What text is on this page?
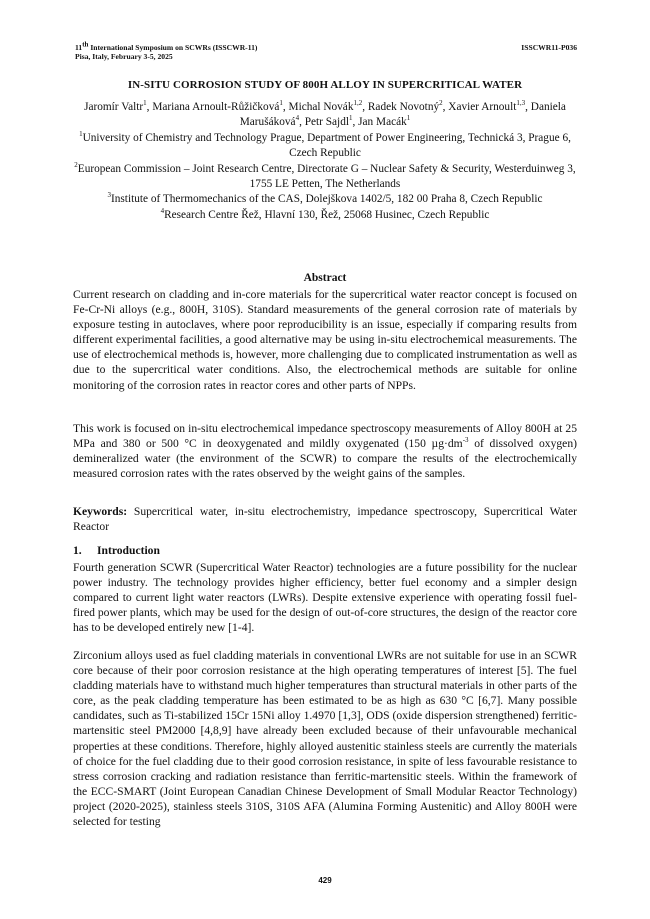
11th International Symposium on SCWRs (ISSCWR-11)
Pisa, Italy, February 3-5, 2025
ISSCWR11-P036
IN-SITU CORROSION STUDY OF 800H ALLOY IN SUPERCRITICAL WATER
Jaromír Valtr$^1$, Mariana Arnoult-Růžičková$^1$, Michal Novák$^{1,2}$, Radek Novotný$^2$, Xavier Arnoult$^{1,3}$, Daniela Marušáková$^4$, Petr Sajdl$^1$, Jan Macák$^1$
$^1$University of Chemistry and Technology Prague, Department of Power Engineering, Technická 3, Prague 6, Czech Republic
$^2$European Commission – Joint Research Centre, Directorate G – Nuclear Safety & Security, Westerduinweg 3, 1755 LE Petten, The Netherlands
$^3$Institute of Thermomechanics of the CAS, Dolejškova 1402/5, 182 00 Praha 8, Czech Republic
$^4$Research Centre Řež, Hlavní 130, Řež, 25068 Husinec, Czech Republic
Abstract

Current research on cladding and in-core materials for the supercritical water reactor concept is focused on Fe-Cr-Ni alloys (e.g., 800H, 310S). Standard measurements of the general corrosion rate of materials by exposure testing in autoclaves, where poor reproducibility is an issue, especially if comparing results from different experimental facilities, a good alternative may be using in-situ electrochemical measurements. The use of electrochemical methods is, however, more challenging due to complicated instrumentation as well as due to the supercritical water conditions. Also, the electrochemical methods are suitable for online monitoring of the corrosion rates in reactor cores and other parts of NPPs.

This work is focused on in-situ electrochemical impedance spectroscopy measurements of Alloy 800H at 25 MPa and 380 or 500 °C in deoxygenated and mildly oxygenated (150 $\mu g\cdot dm^{-3}$ of dissolved oxygen) demineralized water (the environment of the SCWR) to compare the results of the electrochemically measured corrosion rates with the rates observed by the weight gains of the samples.

Keywords: Supercritical water, in-situ electrochemistry, impedance spectroscopy, Supercritical Water Reactor

1. Introduction

Fourth generation SCWR (Supercritical Water Reactor) technologies are a future possibility for the nuclear power industry. The technology provides higher efficiency, better fuel economy and a simpler design compared to current light water reactors (LWRs). Despite extensive experience with operating fossil fuel-fired power plants, which may be used for the design of out-of-core structures, the design of the reactor core has to be developed entirely new [1-4].

Zirconium alloys used as fuel cladding materials in conventional LWRs are not suitable for use in an SCWR core because of their poor corrosion resistance at the high operating temperatures of interest [5]. The fuel cladding materials have to withstand much higher temperatures than structural materials in other parts of the core, as the peak cladding temperature has been estimated to be as high as 630 °C [6,7]. Many possible candidates, such as Ti-stabilized 15Cr 15Ni alloy 1.4970 [1,3], ODS (oxide dispersion strengthened) ferritic-martensitic steel PM2000 [4,8,9] have already been excluded because of their unfavourable mechanical properties at these conditions. Therefore, highly alloyed austenitic stainless steels are currently the materials of choice for the fuel cladding due to their good corrosion resistance, in spite of less favourable resistance to stress corrosion cracking and radiation resistance than ferritic-martensitic steels. Within the framework of the ECC-SMART (Joint European Canadian Chinese Development of Small Modular Reactor Technology) project (2020-2025), stainless steels 310S, 310S AFA (Alumina Forming Austenitic) and Alloy 800H were selected for testing

429
